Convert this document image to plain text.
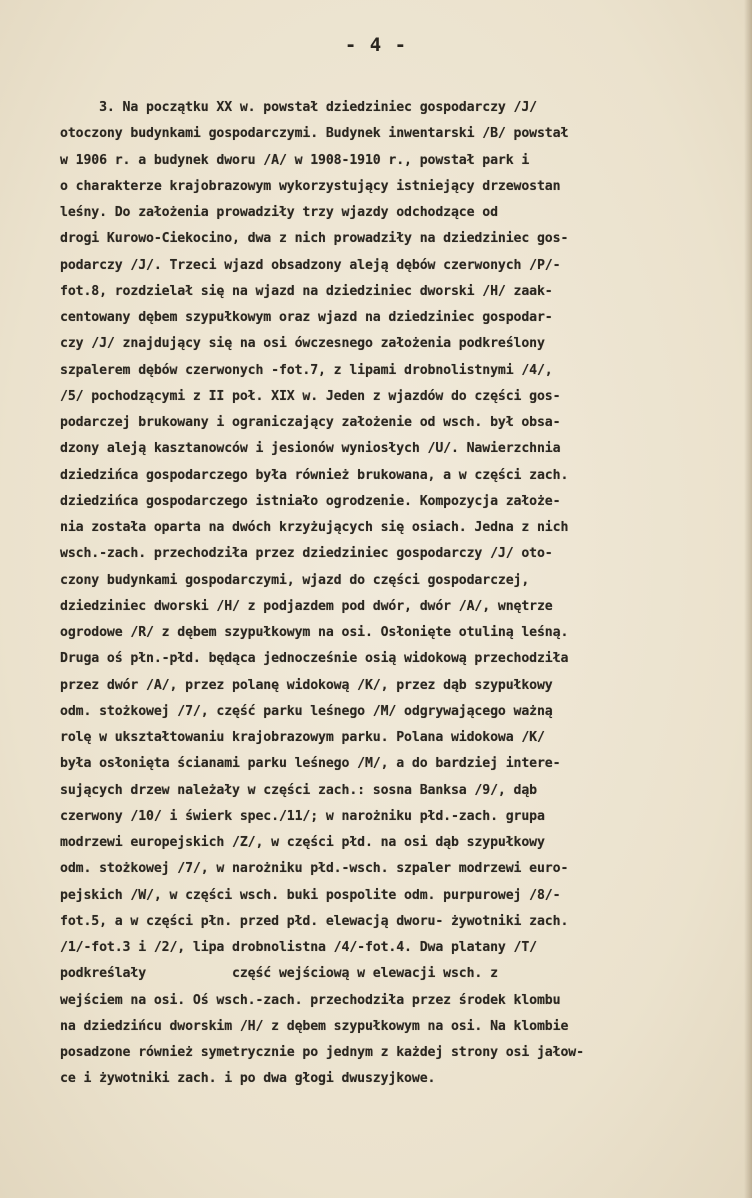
- 4 -
3. Na początku XX w. powstał dziedziniec gospodarczy /J/
otoczony budynkami gospodarczymi. Budynek inwentarski /B/ powstał
w 1906 r. a budynek dworu /A/ w 1908-1910 r., powstał park i
o charakterze krajobrazowym wykorzystujący istniejący drzewostan
leśny. Do założenia prowadziły trzy wjazdy odchodzące od
drogi Kurowo-Ciekocino, dwa z nich prowadziły na dziedziniec gos-
podarczy /J/. Trzeci wjazd obsadzony aleją dębów czerwonych /P/-
fot.8, rozdzielał się na wjazd na dziedziniec dworski /H/ zaak-
centowany dębem szypułkowym oraz wjazd na dziedziniec gospodar-
czy /J/ znajdujący się na osi ówczesnego założenia podkreślony
szpalerem dębów czerwonych -fot.7, z lipami drobnolistnymi /4/,
/5/ pochodzącymi z II poł. XIX w. Jeden z wjazdów do części gos-
podarczej brukowany i ograniczający założenie od wsch. był obsa-
dzony aleją kasztanowców i jesionów wyniosłych /U/. Nawierzchnia
dziedzińca gospodarczego była również brukowana, a w części zach.
dziedzińca gospodarczego istniało ogrodzenie. Kompozycja założe-
nia została oparta na dwóch krzyżujących się osiach. Jedna z nich
wsch.-zach. przechodziła przez dziedziniec gospodarczy /J/ oto-
czony budynkami gospodarczymi, wjazd do części gospodarczej,
dziedziniec dworski /H/ z podjazdem pod dwór, dwór /A/, wnętrze
ogrodowe /R/ z dębem szypułkowym na osi. Osłonięte otuliną leśną.
Druga oś płn.-płd. będąca jednocześnie osią widokową przechodziła
przez dwór /A/, przez polanę widokową /K/, przez dąb szypułkowy
odm. stożkowej /7/, część parku leśnego /M/ odgrywającego ważną
rolę w ukształtowaniu krajobrazowym parku. Polana widokowa /K/
była osłonięta ścianami parku leśnego /M/, a do bardziej intere-
sujących drzew należały w części zach.: sosna Banksa /9/, dąb
czerwony /10/ i świerk spec./11/; w narożniku płd.-zach. grupa
modrzewi europejskich /Z/, w części płd. na osi dąb szypułkowy
odm. stożkowej /7/, w narożniku płd.-wsch. szpaler modrzewi euro-
pejskich /W/, w części wsch. buki pospolite odm. purpurowej /8/-
fot.5, a w części płn. przed płd. elewacją dworu- żywotniki zach.
/1/-fot.3 i /2/, lipa drobnolistna /4/-fot.4. Dwa platany /T/
podkreślały           część wejściową w elewacji wsch. z
wejściem na osi. Oś wsch.-zach. przechodziła przez środek klombu
na dziedzińcu dworskim /H/ z dębem szypułkowym na osi. Na klombie
posadzone również symetrycznie po jednym z każdej strony osi jałow-
ce i żywotniki zach. i po dwa głogi dwuszyjkowe.
